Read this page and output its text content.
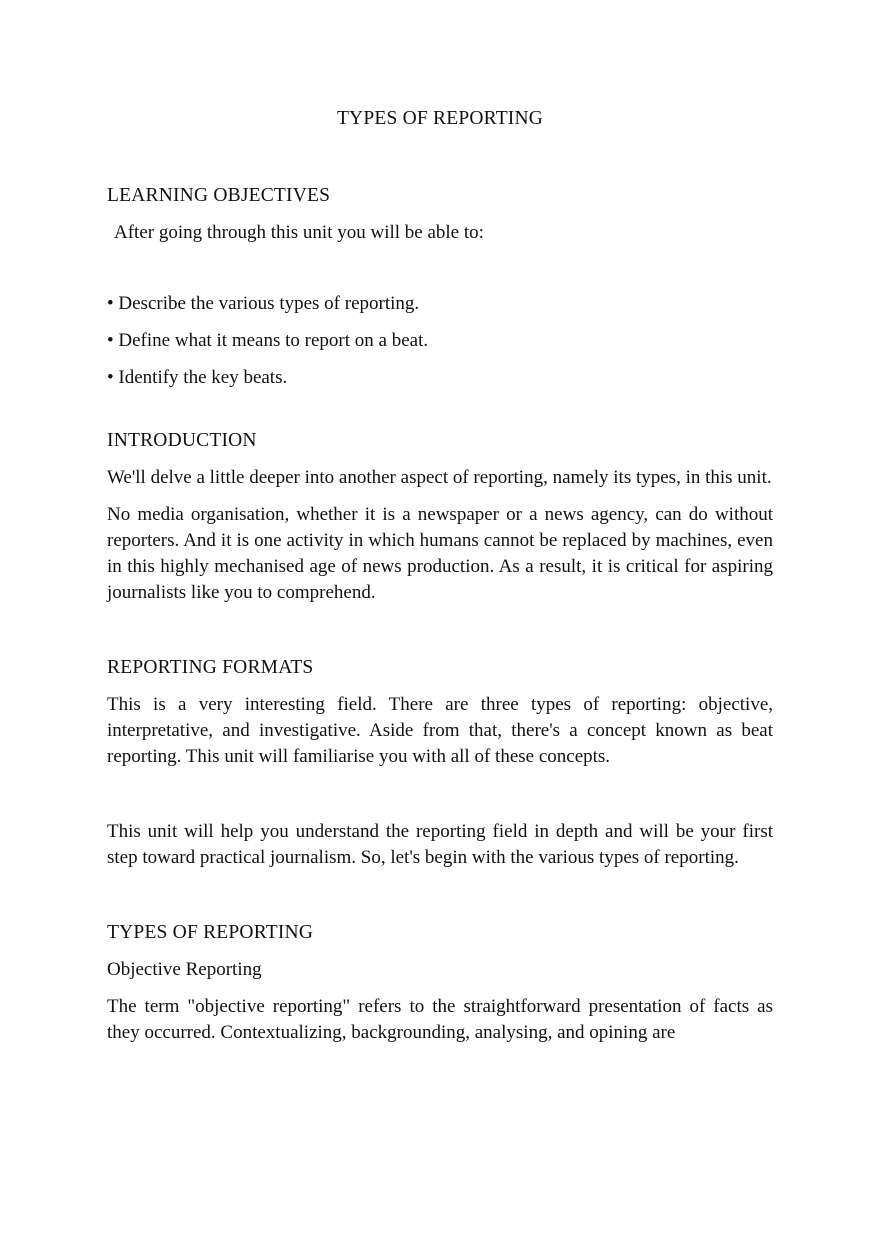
TYPES OF REPORTING
LEARNING OBJECTIVES

After going through this unit you will be able to:

• Describe the various types of reporting.
• Define what it means to report on a beat.
• Identify the key beats.
INTRODUCTION

We'll delve a little deeper into another aspect of reporting, namely its types, in this unit.

No media organisation, whether it is a newspaper or a news agency, can do without reporters. And it is one activity in which humans cannot be replaced by machines, even in this highly mechanised age of news production. As a result, it is critical for aspiring journalists like you to comprehend.

REPORTING FORMATS

This is a very interesting field. There are three types of reporting: objective, interpretative, and investigative. Aside from that, there's a concept known as beat reporting. This unit will familiarise you with all of these concepts.

This unit will help you understand the reporting field in depth and will be your first step toward practical journalism. So, let's begin with the various types of reporting.

TYPES OF REPORTING
Objective Reporting

The term "objective reporting" refers to the straightforward presentation of facts as they occurred. Contextualizing, backgrounding, analysing, and opining are
